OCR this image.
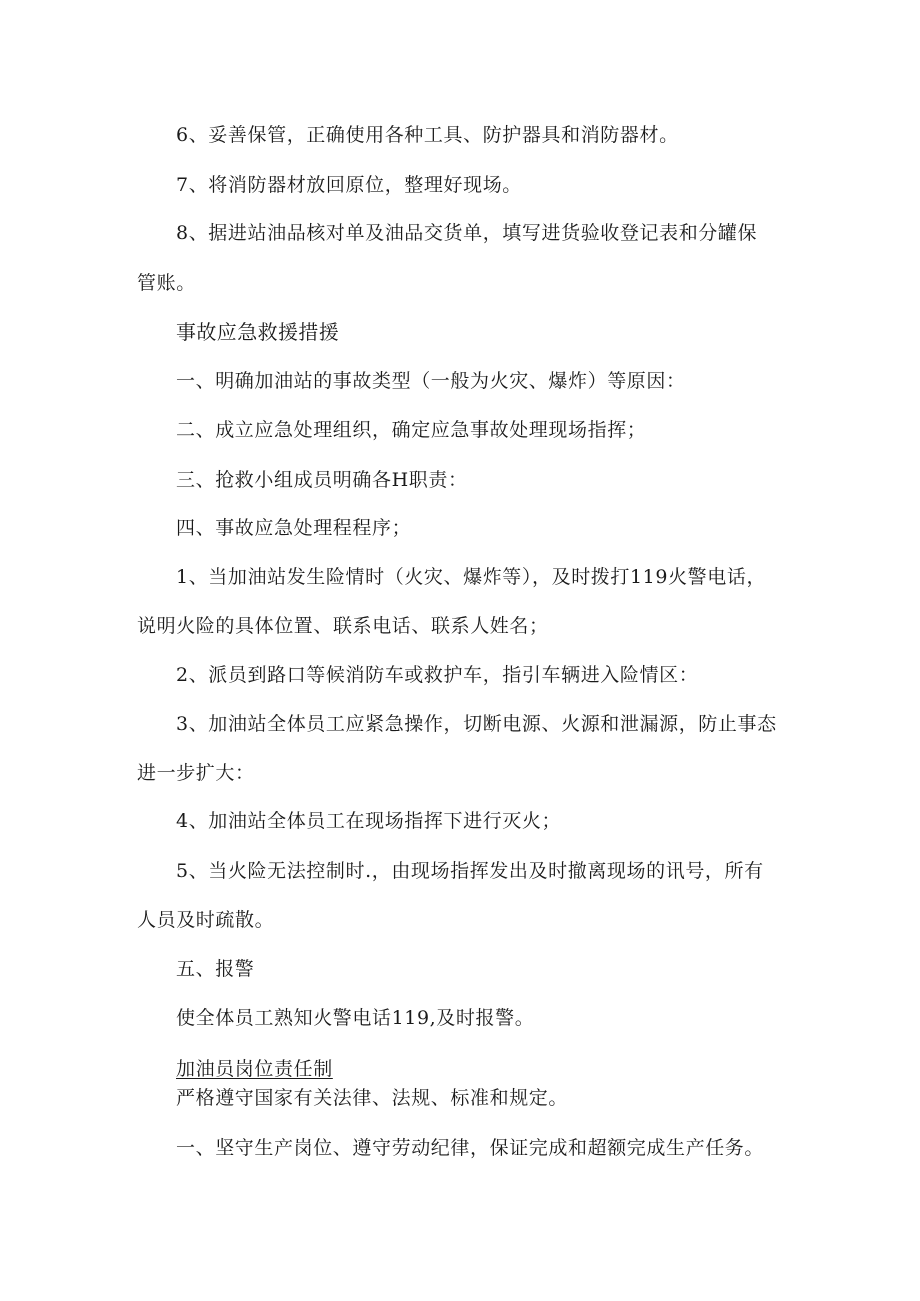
6、妥善保管，正确使用各种工具、防护器具和消防器材。
7、将消防器材放回原位，整理好现场。
8、据进站油品核对单及油品交货单，填写进货验收登记表和分罐保
管账。
事故应急救援措援
一、明确加油站的事故类型（一般为火灾、爆炸）等原因：
二、成立应急处理组织，确定应急事故处理现场指挥；
三、抢救小组成员明确各H职责：
四、事故应急处理程程序；
1、当加油站发生险情时（火灾、爆炸等），及时拨打119火警电话，
说明火险的具体位置、联系电话、联系人姓名；
2、派员到路口等候消防车或救护车，指引车辆进入险情区：
3、加油站全体员工应紧急操作，切断电源、火源和泄漏源，防止事态
进一步扩大：
4、加油站全体员工在现场指挥下进行灭火；
5、当火险无法控制时.，由现场指挥发出及时撤离现场的讯号，所有
人员及时疏散。
五、报警
使全体员工熟知火警电话119,及时报警。
加油员岗位责任制
严格遵守国家有关法律、法规、标准和规定。
一、坚守生产岗位、遵守劳动纪律，保证完成和超额完成生产任务。
